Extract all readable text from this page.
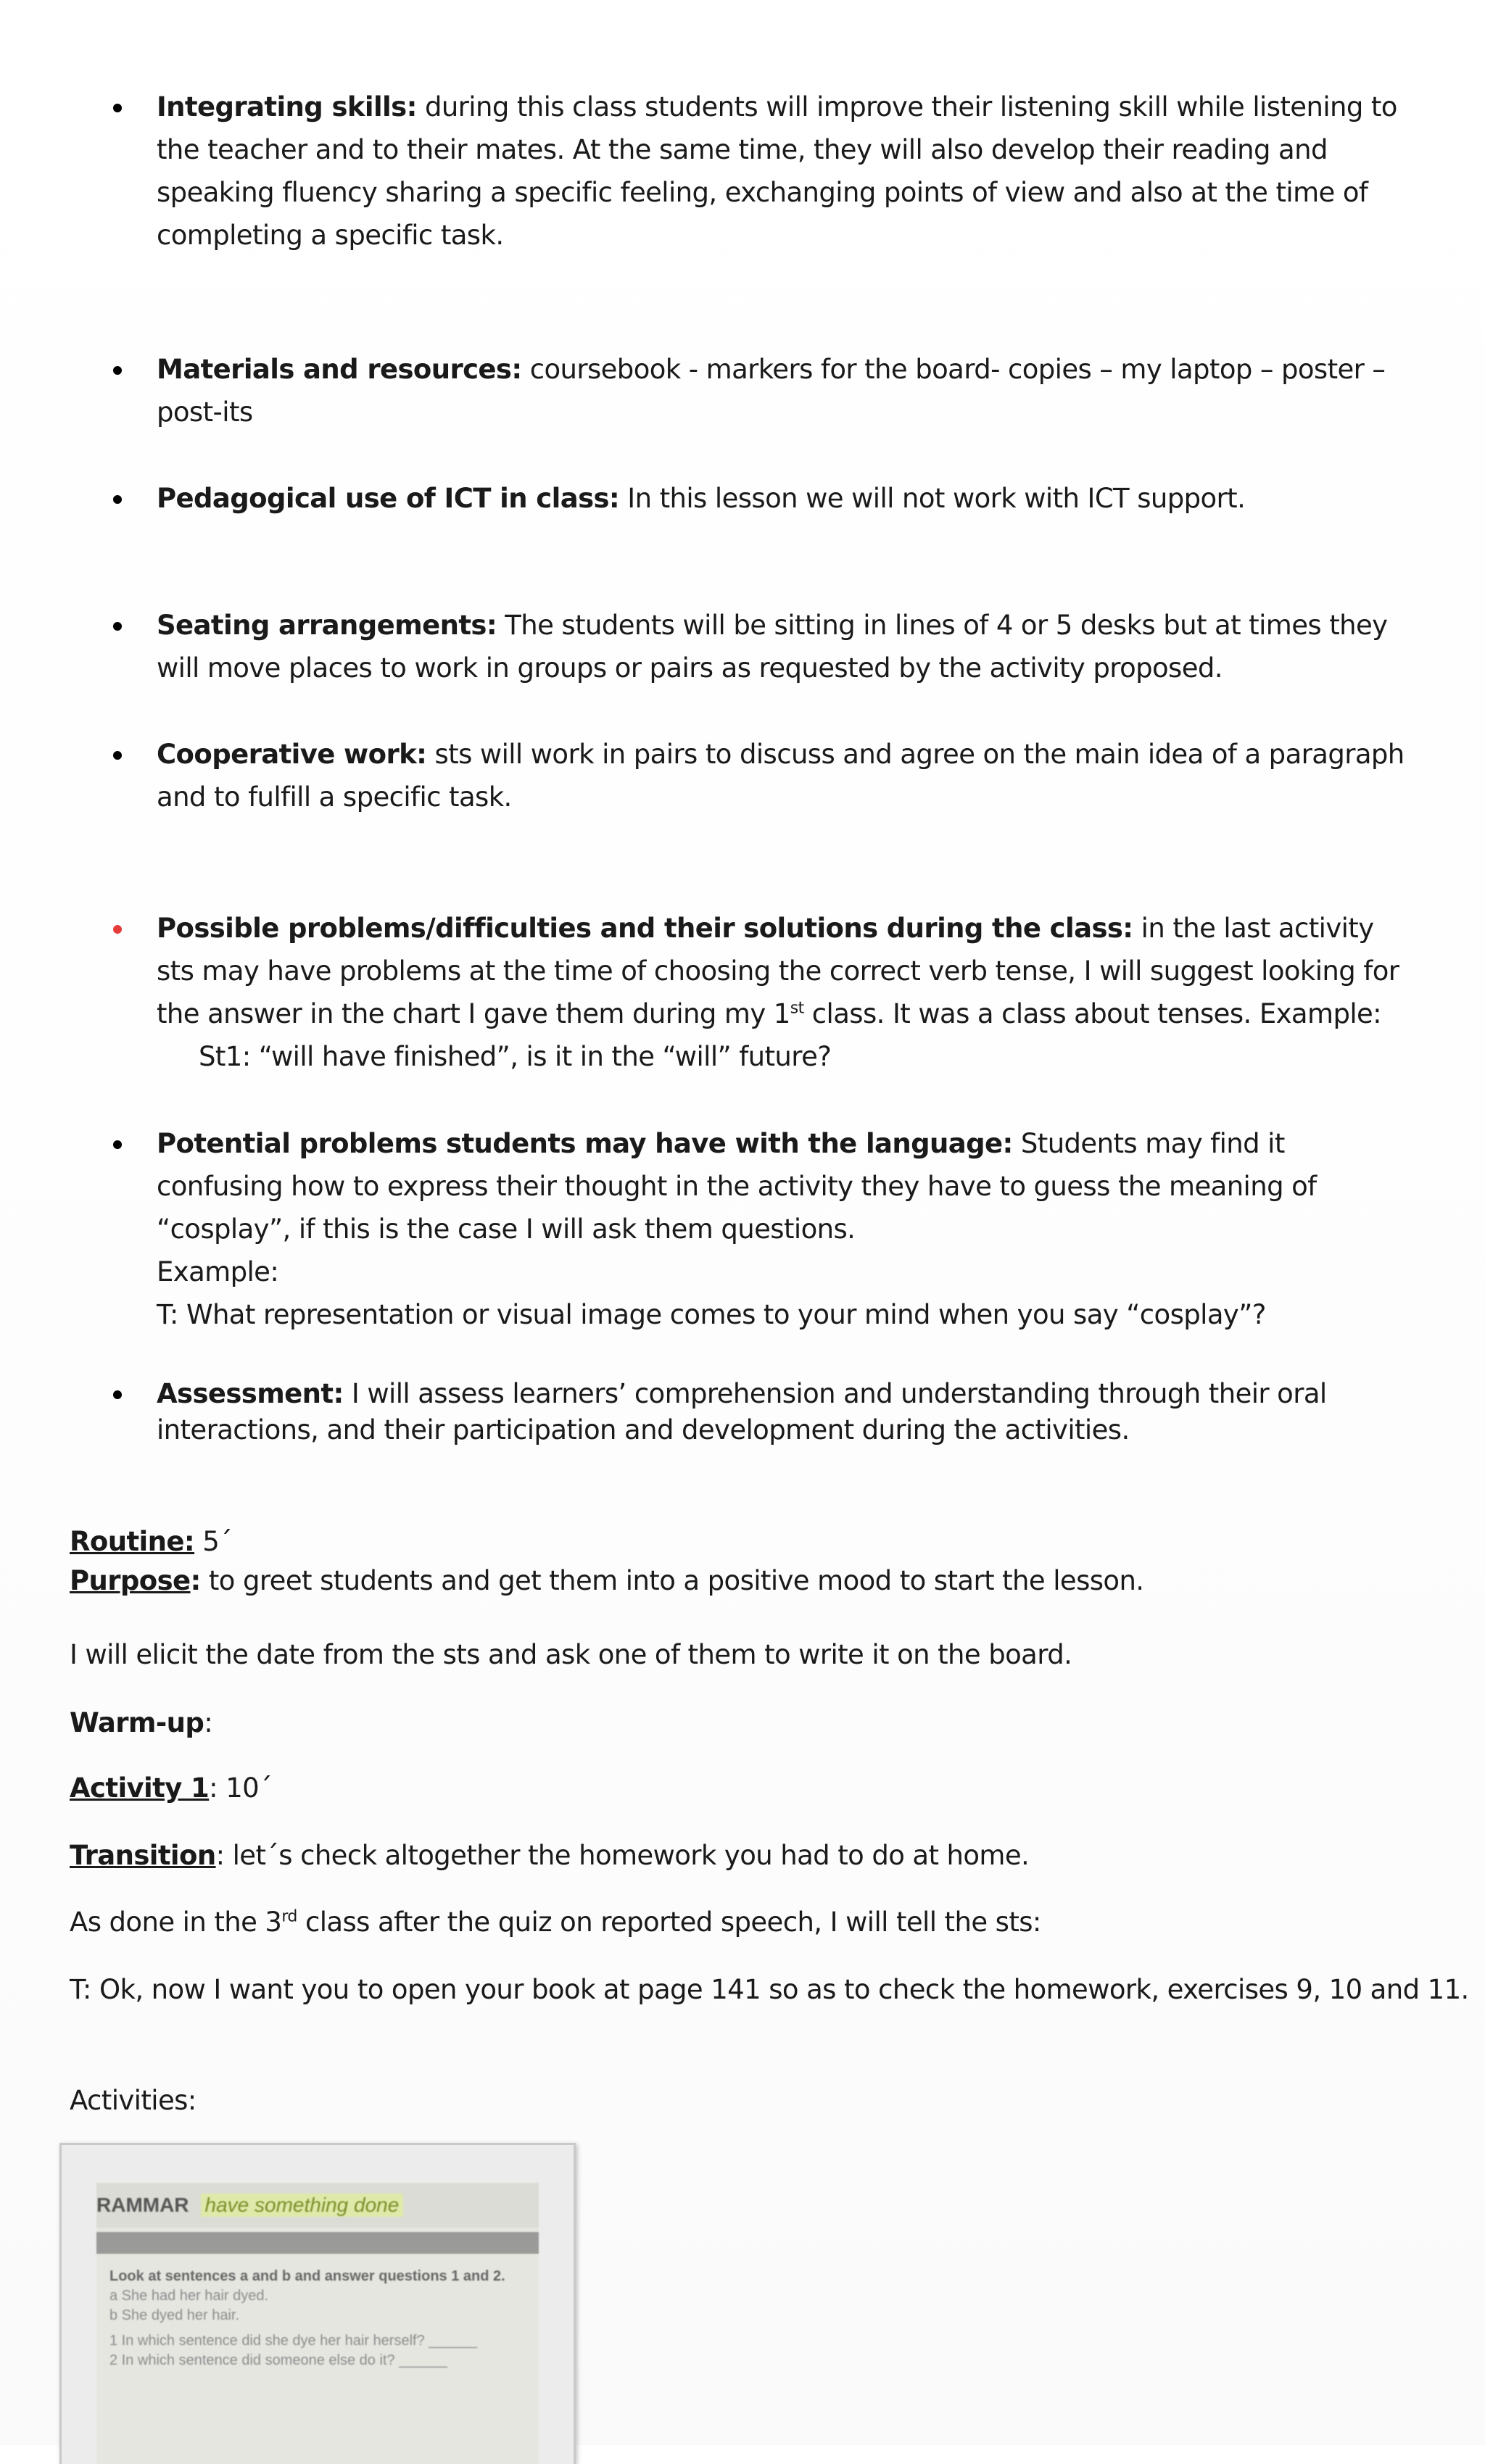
Integrating skills: during this class students will improve their listening skill while listening to the teacher and to their mates. At the same time, they will also develop their reading and speaking fluency sharing a specific feeling, exchanging points of view and also at the time of completing a specific task.
Materials and resources: coursebook - markers for the board- copies – my laptop – poster – post-its
Pedagogical use of ICT in class: In this lesson we will not work with ICT support.
Seating arrangements: The students will be sitting in lines of 4 or 5 desks but at times they will move places to work in groups or pairs as requested by the activity proposed.
Cooperative work: sts will work in pairs to discuss and agree on the main idea of a paragraph and to fulfill a specific task.
Possible problems/difficulties and their solutions during the class: in the last activity sts may have problems at the time of choosing the correct verb tense, I will suggest looking for the answer in the chart I gave them during my 1st class. It was a class about tenses. Example:
St1: “will have finished”, is it in the “will” future?
Potential problems students may have with the language: Students may find it confusing how to express their thought in the activity they have to guess the meaning of “cosplay”, if this is the case I will ask them questions.
Example:
T: What representation or visual image comes to your mind when you say “cosplay”?
Assessment: I will assess learners’ comprehension and understanding through their oral
interactions, and their participation and development during the activities.
Routine: 5´
Purpose: to greet students and get them into a positive mood to start the lesson.
I will elicit the date from the sts and ask one of them to write it on the board.
Warm-up:
Activity 1: 10´
Transition: let´s check altogether the homework you had to do at home.
As done in the 3rd class after the quiz on reported speech, I will tell the sts:
T: Ok, now I want you to open your book at page 141 so as to check the homework, exercises 9, 10 and 11.
Activities:
RAMMAR have something done
Look at sentences a and b and answer questions 1 and 2.
a She had her hair dyed.
b She dyed her hair.
1 In which sentence did she dye her hair herself? ______
2 In which sentence did someone else do it? ______
